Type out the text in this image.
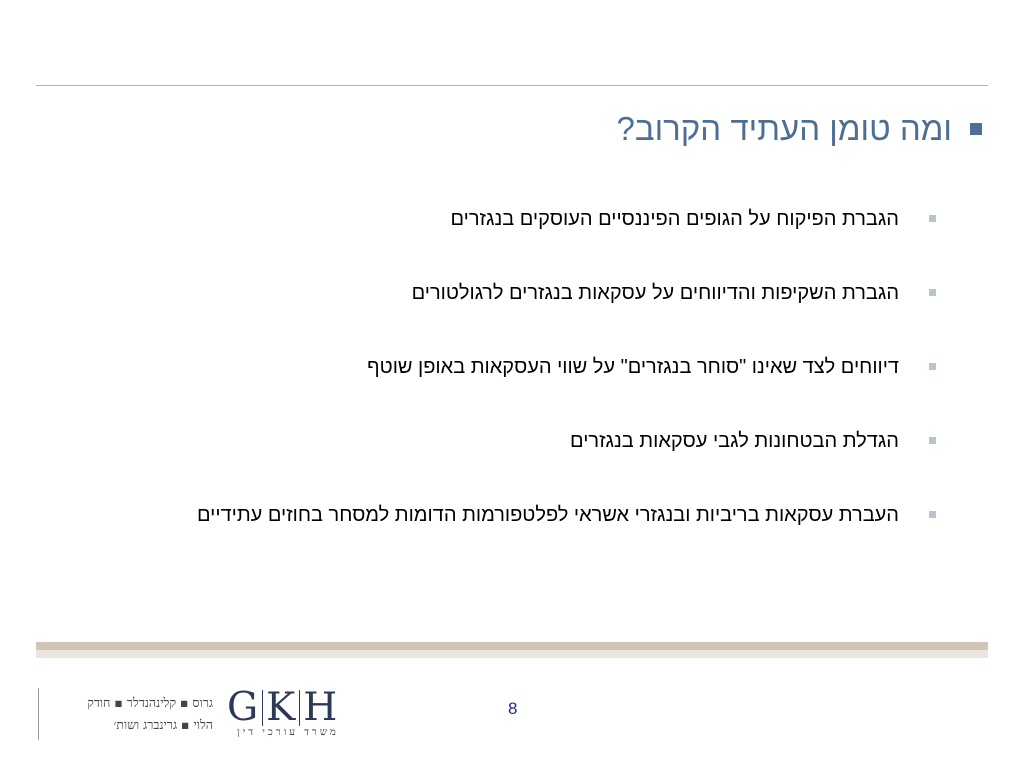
ומה טומן העתיד הקרוב?
הגברת הפיקוח על הגופים הפיננסיים העוסקים בנגזרים
הגברת השקיפות והדיווחים על עסקאות בנגזרים לרגולטורים
דיווחים לצד שאינו "סוחר בנגזרים" על שווי העסקאות באופן שוטף
הגדלת הבטחונות לגבי עסקאות בנגזרים
העברת עסקאות בריביות ובנגזרי אשראי לפלטפורמות הדומות למסחר בחוזים עתידיים
גרוס ▪ קלינהנדלר ▪ חודק
הלוי ▪ גרינברג ושות׳ G K H
משרד עורכי דין
8
